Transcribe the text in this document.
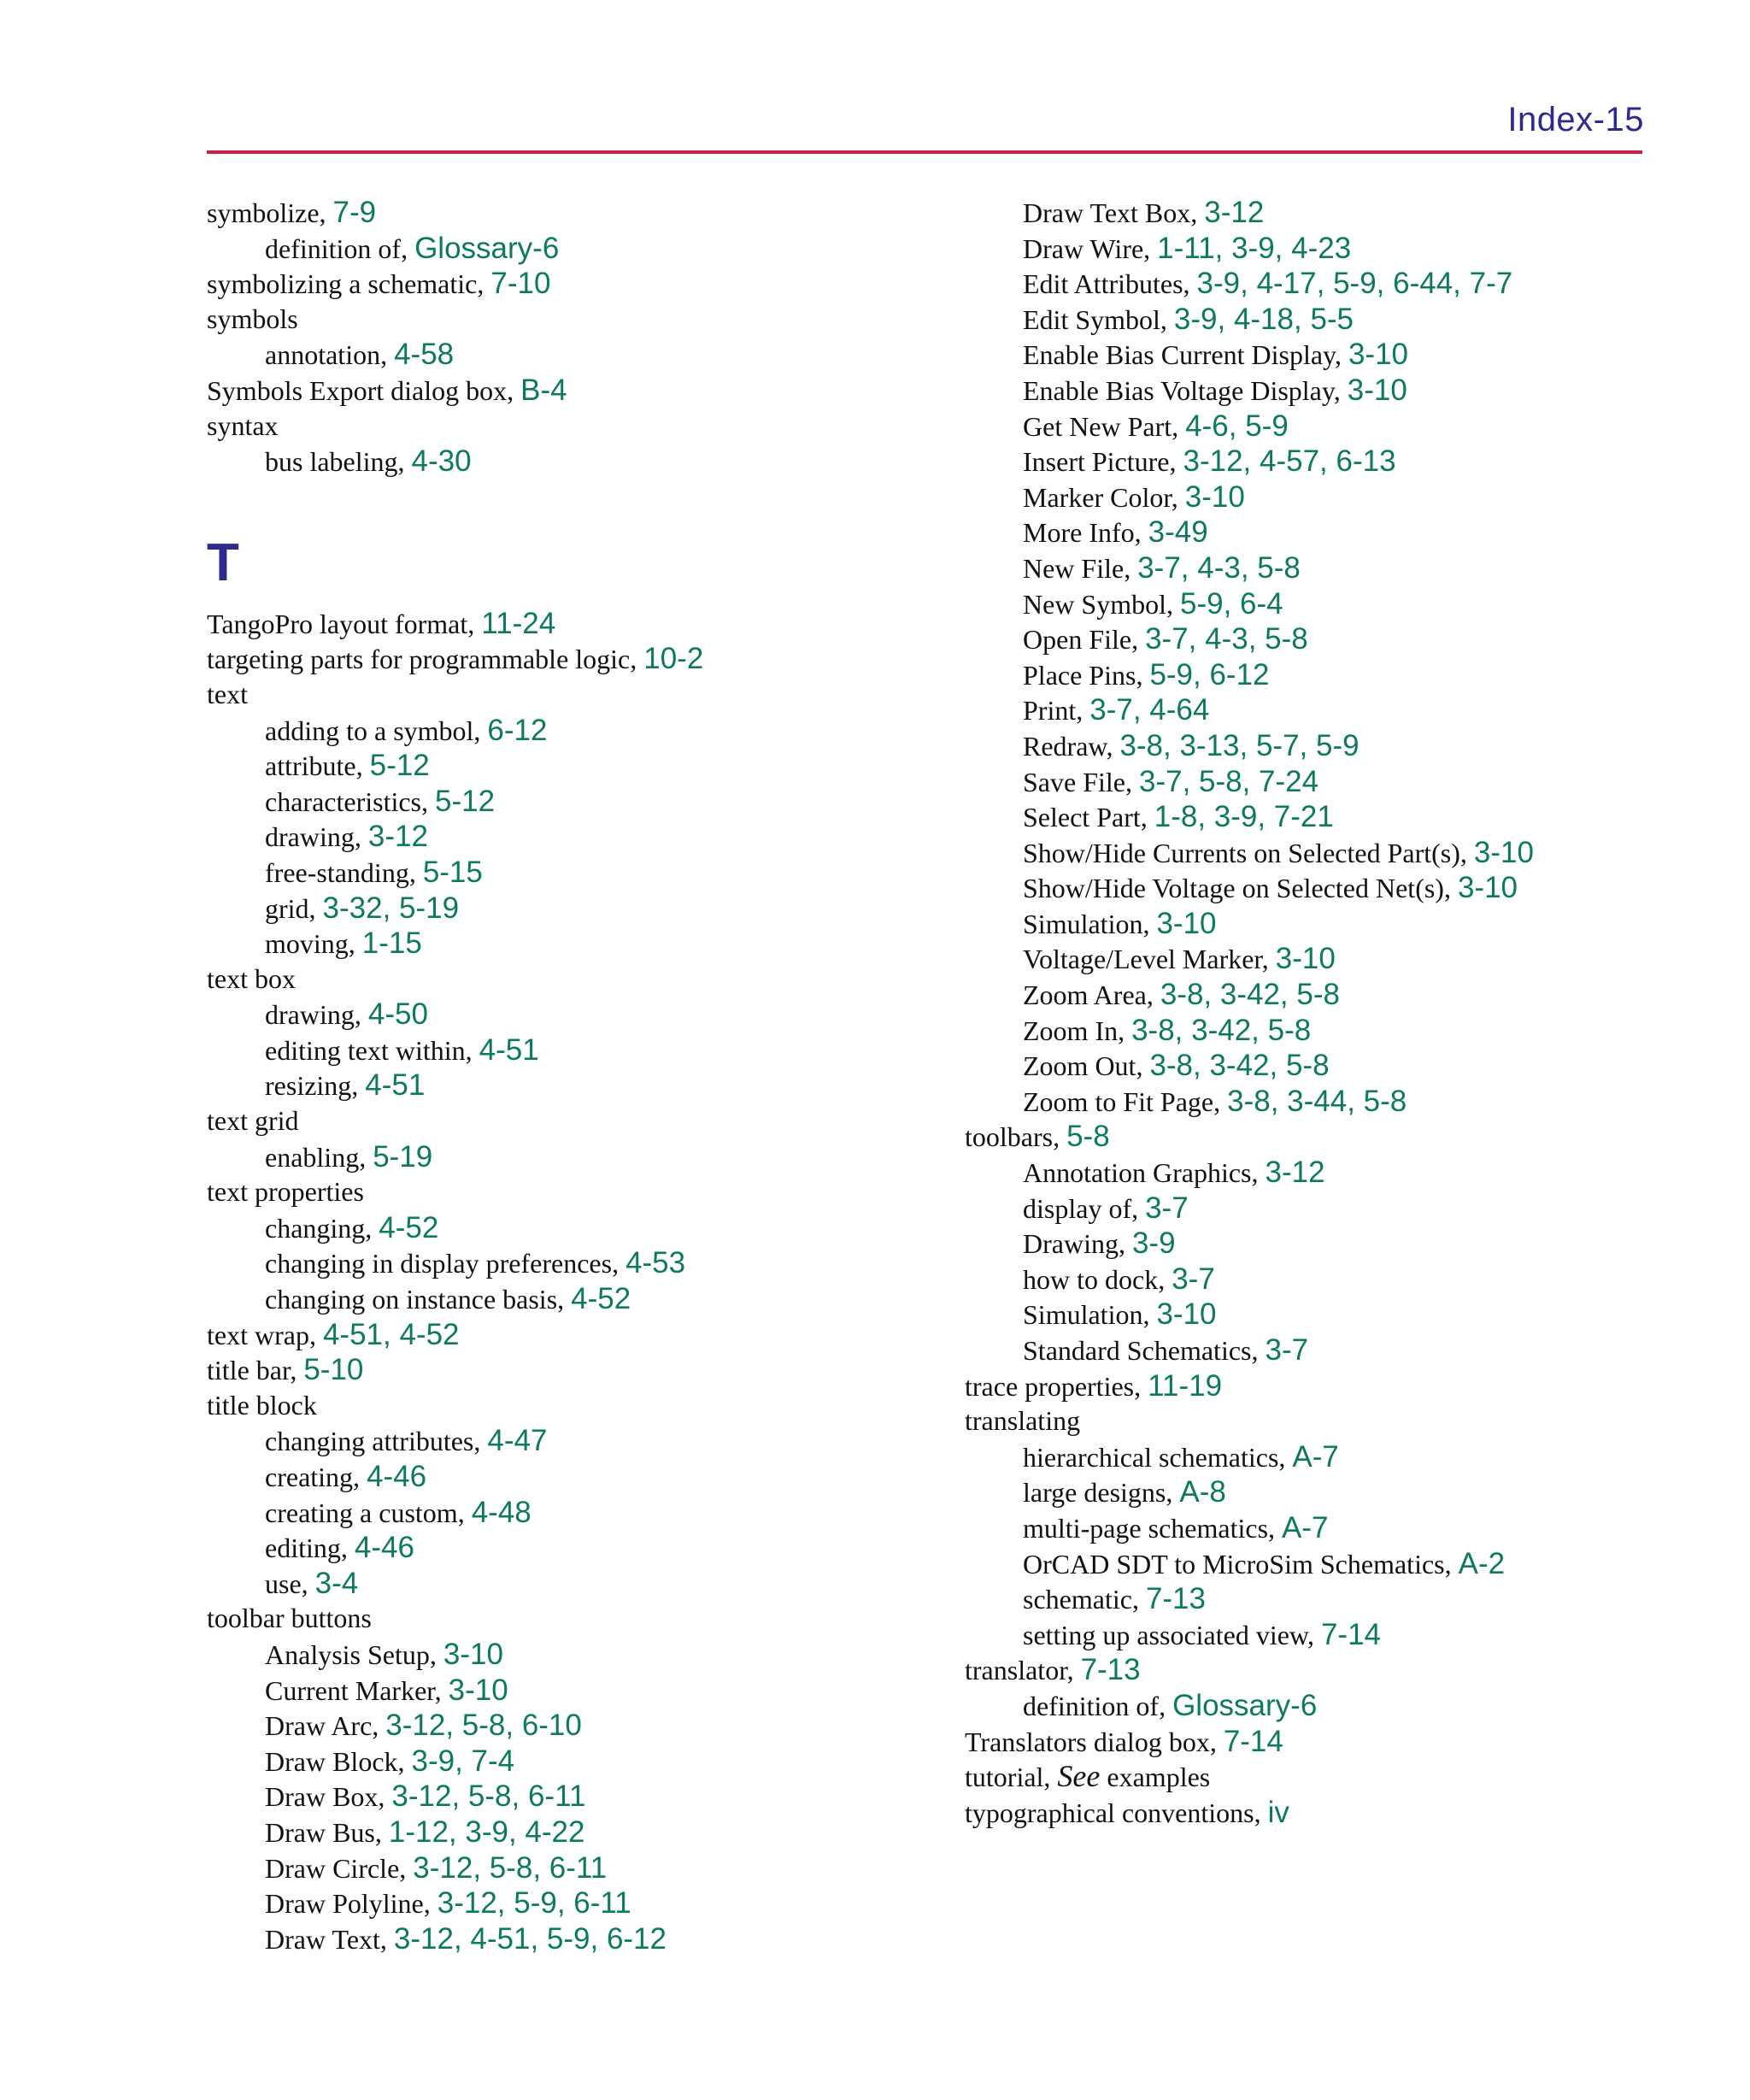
Index-15
symbolize, 7-9
definition of, Glossary-6
symbolizing a schematic, 7-10
symbols
annotation, 4-58
Symbols Export dialog box, B-4
syntax
bus labeling, 4-30
T
TangoPro layout format, 11-24
targeting parts for programmable logic, 10-2
text
adding to a symbol, 6-12
attribute, 5-12
characteristics, 5-12
drawing, 3-12
free-standing, 5-15
grid, 3-32, 5-19
moving, 1-15
text box
drawing, 4-50
editing text within, 4-51
resizing, 4-51
text grid
enabling, 5-19
text properties
changing, 4-52
changing in display preferences, 4-53
changing on instance basis, 4-52
text wrap, 4-51, 4-52
title bar, 5-10
title block
changing attributes, 4-47
creating, 4-46
creating a custom, 4-48
editing, 4-46
use, 3-4
toolbar buttons
Analysis Setup, 3-10
Current Marker, 3-10
Draw Arc, 3-12, 5-8, 6-10
Draw Block, 3-9, 7-4
Draw Box, 3-12, 5-8, 6-11
Draw Bus, 1-12, 3-9, 4-22
Draw Circle, 3-12, 5-8, 6-11
Draw Polyline, 3-12, 5-9, 6-11
Draw Text, 3-12, 4-51, 5-9, 6-12
Draw Text Box, 3-12
Draw Wire, 1-11, 3-9, 4-23
Edit Attributes, 3-9, 4-17, 5-9, 6-44, 7-7
Edit Symbol, 3-9, 4-18, 5-5
Enable Bias Current Display, 3-10
Enable Bias Voltage Display, 3-10
Get New Part, 4-6, 5-9
Insert Picture, 3-12, 4-57, 6-13
Marker Color, 3-10
More Info, 3-49
New File, 3-7, 4-3, 5-8
New Symbol, 5-9, 6-4
Open File, 3-7, 4-3, 5-8
Place Pins, 5-9, 6-12
Print, 3-7, 4-64
Redraw, 3-8, 3-13, 5-7, 5-9
Save File, 3-7, 5-8, 7-24
Select Part, 1-8, 3-9, 7-21
Show/Hide Currents on Selected Part(s), 3-10
Show/Hide Voltage on Selected Net(s), 3-10
Simulation, 3-10
Voltage/Level Marker, 3-10
Zoom Area, 3-8, 3-42, 5-8
Zoom In, 3-8, 3-42, 5-8
Zoom Out, 3-8, 3-42, 5-8
Zoom to Fit Page, 3-8, 3-44, 5-8
toolbars, 5-8
Annotation Graphics, 3-12
display of, 3-7
Drawing, 3-9
how to dock, 3-7
Simulation, 3-10
Standard Schematics, 3-7
trace properties, 11-19
translating
hierarchical schematics, A-7
large designs, A-8
multi-page schematics, A-7
OrCAD SDT to MicroSim Schematics, A-2
schematic, 7-13
setting up associated view, 7-14
translator, 7-13
definition of, Glossary-6
Translators dialog box, 7-14
tutorial, See examples
typographical conventions, iv
